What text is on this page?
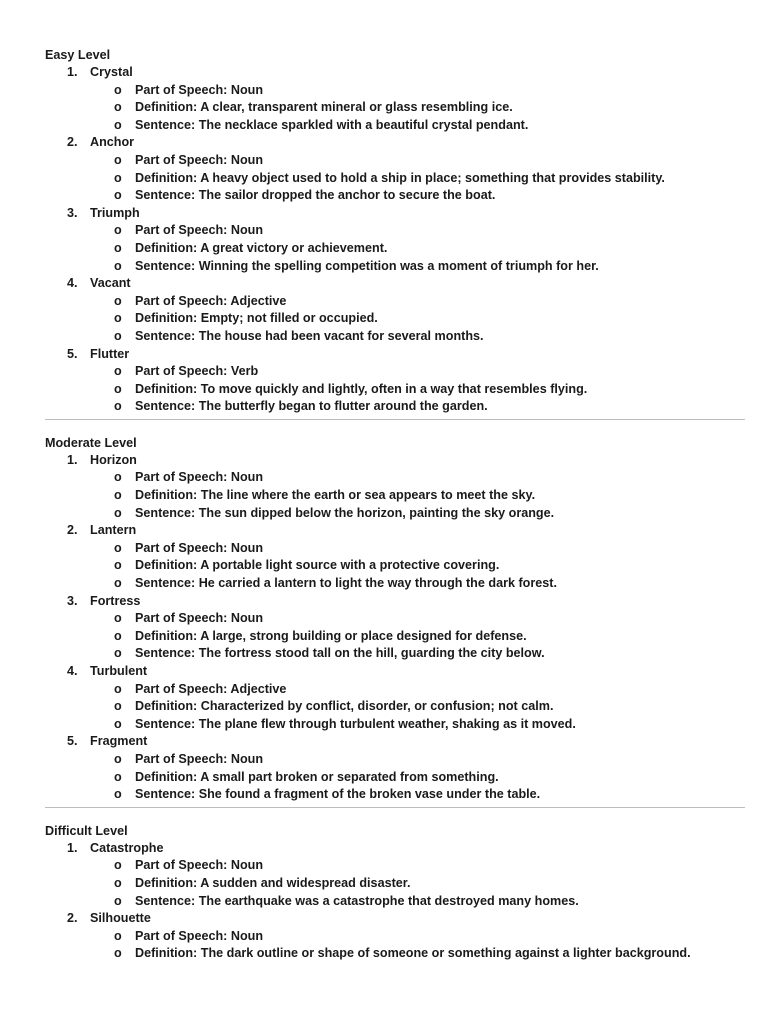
Easy Level
1. Crystal
o	Part of Speech: Noun
o	Definition: A clear, transparent mineral or glass resembling ice.
o	Sentence: The necklace sparkled with a beautiful crystal pendant.
2. Anchor
o	Part of Speech: Noun
o	Definition: A heavy object used to hold a ship in place; something that provides stability.
o	Sentence: The sailor dropped the anchor to secure the boat.
3. Triumph
o	Part of Speech: Noun
o	Definition: A great victory or achievement.
o	Sentence: Winning the spelling competition was a moment of triumph for her.
4. Vacant
o	Part of Speech: Adjective
o	Definition: Empty; not filled or occupied.
o	Sentence: The house had been vacant for several months.
5. Flutter
o	Part of Speech: Verb
o	Definition: To move quickly and lightly, often in a way that resembles flying.
o	Sentence: The butterfly began to flutter around the garden.
Moderate Level
1. Horizon
o	Part of Speech: Noun
o	Definition: The line where the earth or sea appears to meet the sky.
o	Sentence: The sun dipped below the horizon, painting the sky orange.
2. Lantern
o	Part of Speech: Noun
o	Definition: A portable light source with a protective covering.
o	Sentence: He carried a lantern to light the way through the dark forest.
3. Fortress
o	Part of Speech: Noun
o	Definition: A large, strong building or place designed for defense.
o	Sentence: The fortress stood tall on the hill, guarding the city below.
4. Turbulent
o	Part of Speech: Adjective
o	Definition: Characterized by conflict, disorder, or confusion; not calm.
o	Sentence: The plane flew through turbulent weather, shaking as it moved.
5. Fragment
o	Part of Speech: Noun
o	Definition: A small part broken or separated from something.
o	Sentence: She found a fragment of the broken vase under the table.
Difficult Level
1. Catastrophe
o	Part of Speech: Noun
o	Definition: A sudden and widespread disaster.
o	Sentence: The earthquake was a catastrophe that destroyed many homes.
2. Silhouette
o	Part of Speech: Noun
o	Definition: The dark outline or shape of someone or something against a lighter background.
